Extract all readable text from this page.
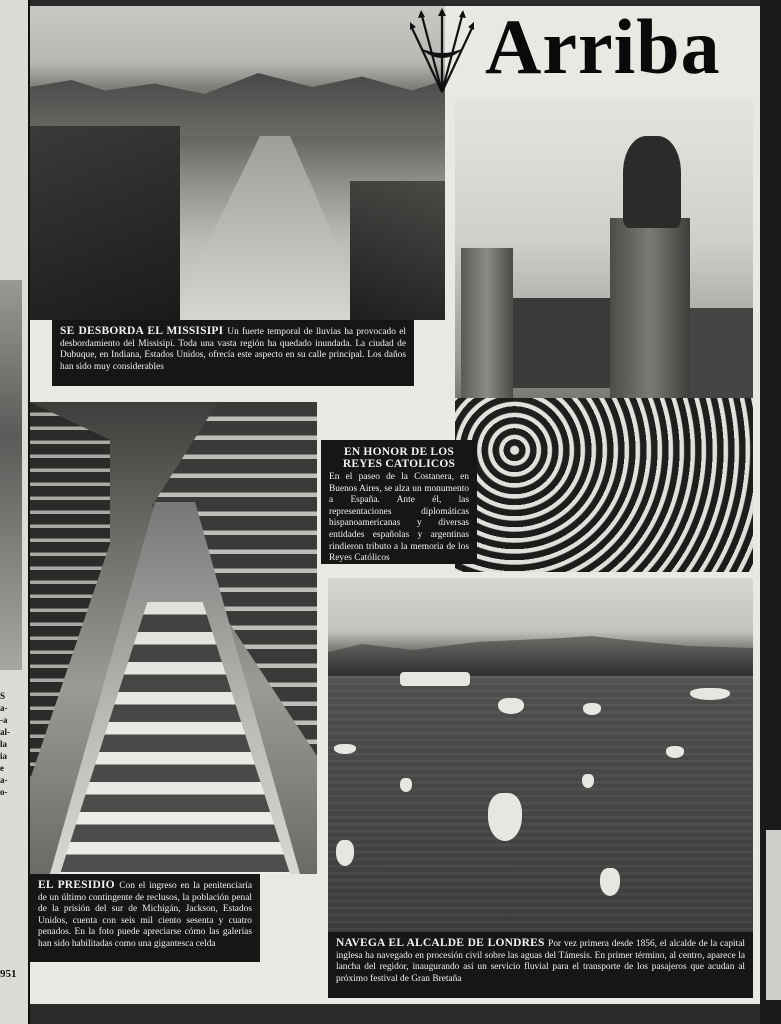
S
a-
-a
al-
la
ia
e
a-
o-
951
Arriba
SE DESBORDA EL MISSISIPI Un fuerte temporal de lluvias ha provocado el desbordamiento del Missisipi. Toda una vasta región ha quedado inundada. La ciudad de Dubuque, en Indiana, Estados Unidos, ofrecía este aspecto en su calle principal. Los daños han sido muy considerables
EN HONOR DE LOS REYES CATOLICOS
En el paseo de la Costanera, en Buenos Aires, se alza un monumento a España. Ante él, las representaciones diplomáticas hispanoamericanas y diversas entidades españolas y argentinas rindieron tributo a la memoria de los Reyes Católicos
EL PRESIDIO Con el ingreso en la penitenciaría de un último contingente de reclusos, la población penal de la prisión del sur de Michigán, Jackson, Estados Unidos, cuenta con seis mil ciento sesenta y cuatro penados. En la foto puede apreciarse cómo las galerías han sido habilitadas como una gigantesca celda	NAVEGA EL ALCALDE DE LONDRES Por vez primera desde 1856, el alcalde de la capital inglesa ha navegado en procesión civil sobre las aguas del Támesis. En primer término, al centro, aparece la lancha del regidor, inaugurando así un servicio fluvial para el transporte de los pasajeros que acudan al próximo festival de Gran Bretaña
